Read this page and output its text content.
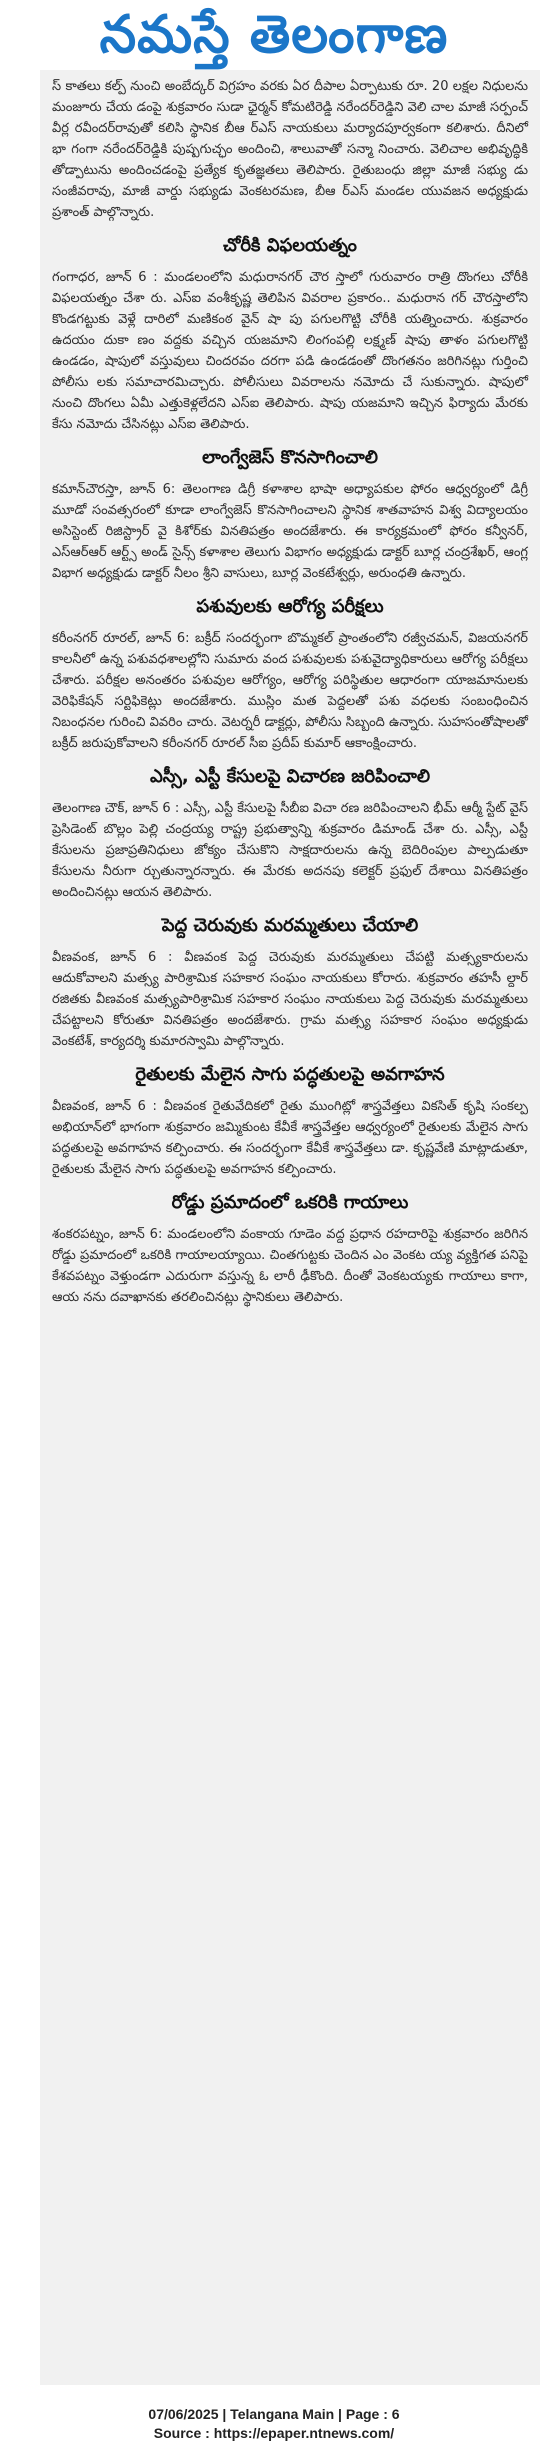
నమస్తే తెలంగాణ

స్ కాతలు కల్ప్ నుంచి అంబేద్కర్ విగ్రహం వరకు ఏర దీపాల ఏర్పాటుకు రూ. 20 లక్షల నిధులను మంజూరు చేయ డంపై శుక్రవారం సుడా ఛైర్మన్ కోమటిరెడ్డి నరేందర్‌రెడ్డిని వెలి చాల మాజీ సర్పంచ్ వీర్ల రవీందర్‌రావుతో కలిసి స్థానిక బీఆ ర్ఎస్ నాయకులు మర్యాదపూర్వకంగా కలిశారు. దీనిలో భా గంగా నరేందర్‌రెడ్డికి పుష్పగుచ్ఛం అందించి, శాలువాతో సన్మా నించారు. వెలిచాల అభివృద్ధికి తోడ్పాటును అందించడంపై ప్రత్యేక కృతజ్ఞతలు తెలిపారు. రైతుబంధు జిల్లా మాజీ సభ్యు డు సంజీవరావు, మాజీ వార్డు సభ్యుడు వెంకటరమణ, బీఆ ర్ఎస్ మండల యువజన అధ్యక్షుడు ప్రశాంత్ పాల్గొన్నారు.

చోరీకి విఫలయత్నం

గంగాధర, జూన్ 6 : మండలంలోని మధురానగర్ చౌర స్తాలో గురువారం రాత్రి దొంగలు చోరీకి విఫలయత్నం చేశా రు. ఎస్ఐ వంశీకృష్ణ తెలిపిన వివరాల ప్రకారం.. మధురాన గర్ చౌరస్తాలోని కొండగట్టుకు వెళ్లే దారిలో మణికంఠ వైన్ షా పు పగులగొట్టి చోరీకి యత్నించారు. శుక్రవారం ఉదయం దుకా ణం వద్దకు వచ్చిన యజమాని లింగంపల్లి లక్ష్మణ్ షాపు తాళం పగులగొట్టి ఉండడం, షాపులో వస్తువులు చిందరవం దరగా పడి ఉండడంతో దొంగతనం జరిగినట్లు గుర్తించి పోలీసు లకు సమాచారమిచ్చారు. పోలీసులు వివరాలను నమోదు చే సుకున్నారు. షాపులో నుంచి దొంగలు ఏమీ ఎత్తుకెళ్లలేదని ఎస్ఐ తెలిపారు. షాపు యజమాని ఇచ్చిన ఫిర్యాదు మేరకు కేసు నమోదు చేసినట్లు ఎస్ఐ తెలిపారు.

లాంగ్వేజెస్ కొనసాగించాలి

కమాన్‌చౌరస్తా, జూన్ 6: తెలంగాణ డిగ్రీ కళాశాల భాషా అధ్యాపకుల ఫోరం ఆధ్వర్యంలో డిగ్రీ మూడో సంవత్సరంలో కూడా లాంగ్వేజెస్ కొనసాగించాలని స్థానిక శాతవాహన విశ్వ విద్యాలయం అసిస్టెంట్ రిజిస్ట్రార్ వై కిశోర్‌కు వినతిపత్రం అందజేశారు. ఈ కార్యక్రమంలో ఫోరం కన్వీనర్, ఎస్ఆర్ఆర్ ఆర్ట్స్ అండ్ సైన్స్ కళాశాల తెలుగు విభాగం అధ్యక్షుడు డాక్టర్ బూర్ల చంద్రశేఖర్, ఆంగ్ల విభాగ అధ్యక్షుడు డాక్టర్ నీలం శ్రీని వాసులు, బూర్ల వెంకటేశ్వర్లు, అరుంధతి ఉన్నారు.

పశువులకు ఆరోగ్య పరీక్షలు

కరీంనగర్ రూరల్, జూన్ 6: బక్రీద్ సందర్భంగా బొమ్మకల్ ప్రాంతంలోని రజ్వీచమన్, విజయనగర్ కాలనీలో ఉన్న పశువధశాలల్లోని సుమారు వంద పశువులకు పశువైద్యాధికారులు ఆరోగ్య పరీక్షలు చేశారు. పరీక్షల అనంతరం పశువుల ఆరోగ్యం, ఆరోగ్య పరిస్థితుల ఆధారంగా యాజమానులకు వెరిఫికేషన్ సర్టిఫికెట్లు అందజేశారు. ముస్లిం మత పెద్దలతో పశు వధలకు సంబంధించిన నిబంధనల గురించి వివరిం చారు. వెటర్నరీ డాక్టర్లు, పోలీసు సిబ్బంది ఉన్నారు. సుహసంతోషాలతో బక్రీద్ జరుపుకోవాలని కరీంనగర్ రూరల్ సీఐ ప్రదీప్ కుమార్ ఆకాంక్షించారు.

ఎస్సీ, ఎస్టీ కేసులపై విచారణ జరిపించాలి

తెలంగాణ చౌక్, జూన్ 6 : ఎస్సీ, ఎస్టీ కేసులపై సీబీఐ విచా రణ జరిపించాలని భీమ్ ఆర్మీ స్టేట్ వైస్ ప్రెసిడెంట్ బొల్లం పెల్లి చంద్రయ్య రాష్ట్ర ప్రభుత్వాన్ని శుక్రవారం డిమాండ్ చేశా రు. ఎస్సీ, ఎస్టీ కేసులను ప్రజాప్రతినిధులు జోక్యం చేసుకొని సాక్షదారులను ఉన్న బెదిరింపుల పాల్పడుతూ కేసులను నీరుగా ర్చుతున్నారన్నారు. ఈ మేరకు అదనపు కలెక్టర్ ప్రఫుల్ దేశాయి వినతిపత్రం అందించినట్లు ఆయన తెలిపారు.

పెద్ద చెరువుకు మరమ్మతులు చేయాలి

వీణవంక, జూన్ 6 : వీణవంక పెద్ద చెరువుకు మరమ్మతులు చేపట్టి మత్స్యకారులను ఆదుకోవాలని మత్స్య పారిశ్రామిక సహకార సంఘం నాయకులు కోరారు. శుక్రవారం తహసీ ల్దార్ రజితకు వీణవంక మత్స్యపారిశ్రామిక సహకార సంఘం నాయకులు పెద్ద చెరువుకు మరమ్మతులు చేపట్టాలని కోరుతూ వినతిపత్రం అందజేశారు. గ్రామ మత్స్య సహకార సంఘం అధ్యక్షుడు వెంకటేశ్, కార్యదర్శి కుమారస్వామి పాల్గొన్నారు.

రైతులకు మేలైన సాగు పద్ధతులపై అవగాహన

వీణవంక, జూన్ 6 : వీణవంక రైతువేదికలో రైతు ముంగిట్లో శాస్త్రవేత్తలు వికసిత్ కృషి సంకల్ప అభియాన్‌లో భాగంగా శుక్రవారం జమ్మికుంట కేవీకే శాస్త్రవేత్తల ఆధ్వర్యంలో రైతులకు మేలైన సాగు పద్ధతులపై అవగాహన కల్పించారు. ఈ సందర్భంగా కేవీకే శాస్త్రవేత్తలు డా. కృష్ణవేణి మాట్లాడుతూ, రైతులకు మేలైన సాగు పద్ధతులపై అవగాహన కల్పించారు.

రోడ్డు ప్రమాదంలో ఒకరికి గాయాలు

శంకరపట్నం, జూన్ 6: మండలంలోని వంకాయ గూడెం వద్ద ప్రధాన రహదారిపై శుక్రవారం జరిగిన రోడ్డు ప్రమాదంలో ఒకరికి గాయాలయ్యాయి. చింతగుట్టకు చెందిన ఎం వెంకట య్య వ్యక్తిగత పనిపై కేశవపట్నం వెళ్తుండగా ఎదురుగా వస్తున్న ఓ లారీ ఢీకొంది. దీంతో వెంకటయ్యకు గాయాలు కాగా, ఆయ నను దవాఖానకు తరలించినట్లు స్థానికులు తెలిపారు.

07/06/2025 | Telangana Main | Page : 6
Source : https://epaper.ntnews.com/
